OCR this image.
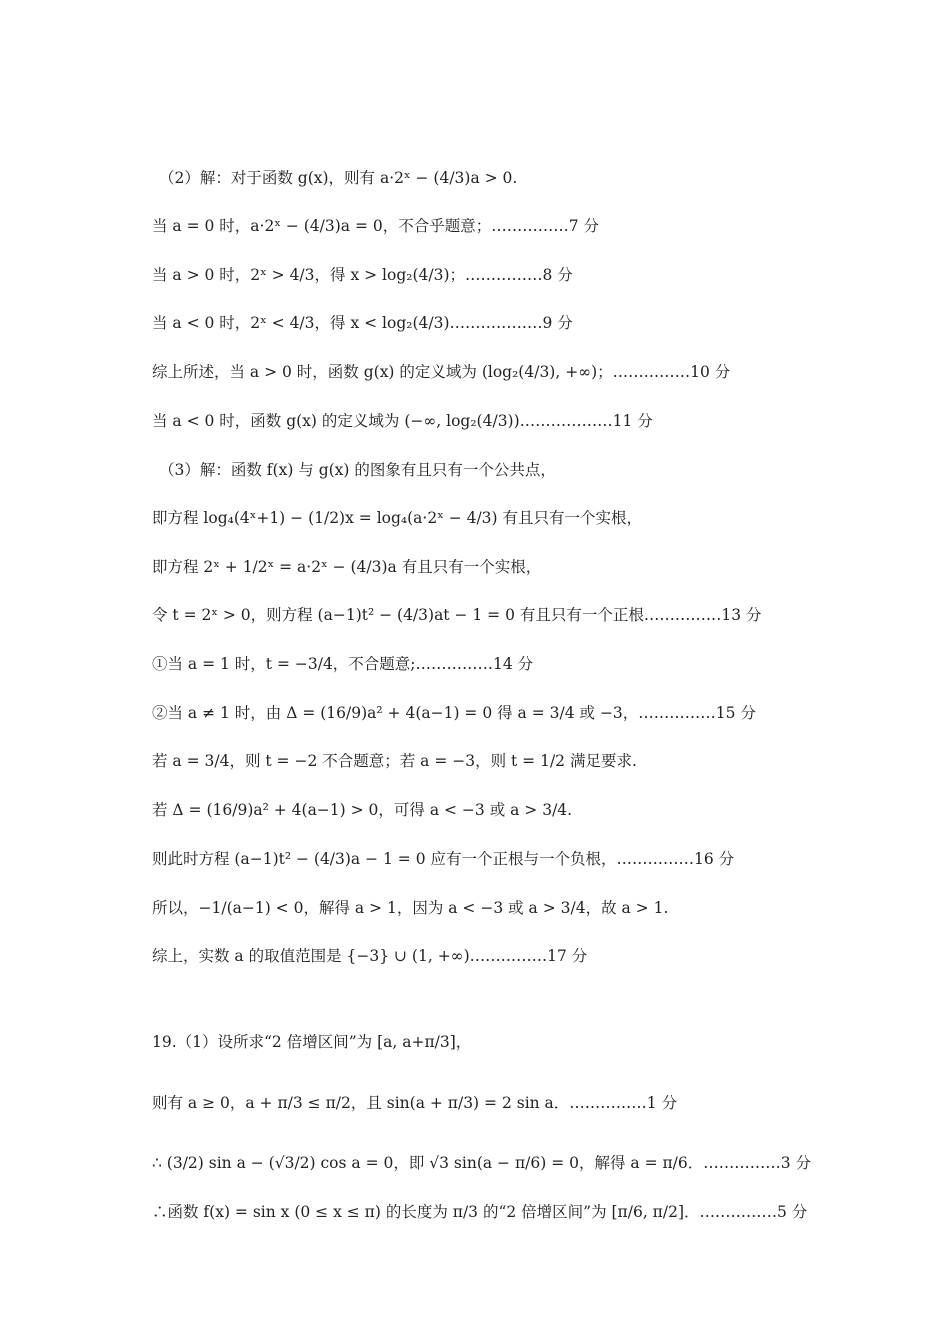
（2）解：对于函数 g(x)，则有 a·2ˣ − (4/3)a > 0.
当 a = 0 时，a·2ˣ − (4/3)a = 0，不合乎题意；……………7 分
当 a > 0 时，2ˣ > 4/3，得 x > log₂(4/3)；……………8 分
当 a < 0 时，2ˣ < 4/3，得 x < log₂(4/3)………………9 分
综上所述，当 a > 0 时，函数 g(x) 的定义域为 (log₂(4/3), +∞)；……………10 分
当 a < 0 时，函数 g(x) 的定义域为 (−∞, log₂(4/3))………………11 分
（3）解：函数 f(x) 与 g(x) 的图象有且只有一个公共点，
即方程 log₄(4ˣ+1) − (1/2)x = log₄(a·2ˣ − 4/3) 有且只有一个实根，
即方程 2ˣ + 1/2ˣ = a·2ˣ − (4/3)a 有且只有一个实根，
令 t = 2ˣ > 0，则方程 (a−1)t² − (4/3)at − 1 = 0 有且只有一个正根……………13 分
①当 a = 1 时，t = −3/4，不合题意;……………14 分
②当 a ≠ 1 时，由 Δ = (16/9)a² + 4(a−1) = 0 得 a = 3/4 或 −3，……………15 分
若 a = 3/4，则 t = −2 不合题意；若 a = −3，则 t = 1/2 满足要求.
若 Δ = (16/9)a² + 4(a−1) > 0，可得 a < −3 或 a > 3/4.
则此时方程 (a−1)t² − (4/3)a − 1 = 0 应有一个正根与一个负根，……………16 分
所以，−1/(a−1) < 0，解得 a > 1，因为 a < −3 或 a > 3/4，故 a > 1.
综上，实数 a 的取值范围是 {−3} ∪ (1, +∞)……………17 分
19.（1）设所求“2 倍增区间”为 [a, a+π/3]，
则有 a ≥ 0，a + π/3 ≤ π/2，且 sin(a + π/3) = 2 sin a．……………1 分
∴ (3/2) sin a − (√3/2) cos a = 0，即 √3 sin(a − π/6) = 0，解得 a = π/6．……………3 分
∴函数 f(x) = sin x (0 ≤ x ≤ π) 的长度为 π/3 的“2 倍增区间”为 [π/6, π/2]．……………5 分
